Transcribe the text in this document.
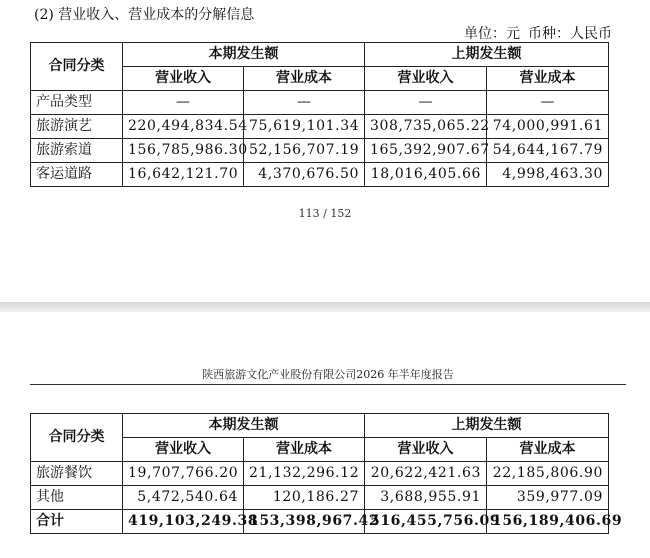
(2) 营业收入、营业成本的分解信息
单位：元 币种：人民币
合同分类	本期发生额		上期发生额	
	营业收入	营业成本	营业收入	营业成本
产品类型	—	—	—	—
旅游演艺	220,494,834.54	75,619,101.34	308,735,065.22	74,000,991.61
旅游索道	156,785,986.30	52,156,707.19	165,392,907.67	54,644,167.79
客运道路	16,642,121.70	4,370,676.50	18,016,405.66	4,998,463.30
113 / 152
陕西旅游文化产业股份有限公司2026 年半年度报告
合同分类	本期发生额		上期发生额	
	营业收入	营业成本	营业收入	营业成本
旅游餐饮	19,707,766.20	21,132,296.12	20,622,421.63	22,185,806.90
其他	5,472,540.64	120,186.27	3,688,955.91	359,977.09
合计	419,103,249.38	153,398,967.42	516,455,756.09	156,189,406.69
